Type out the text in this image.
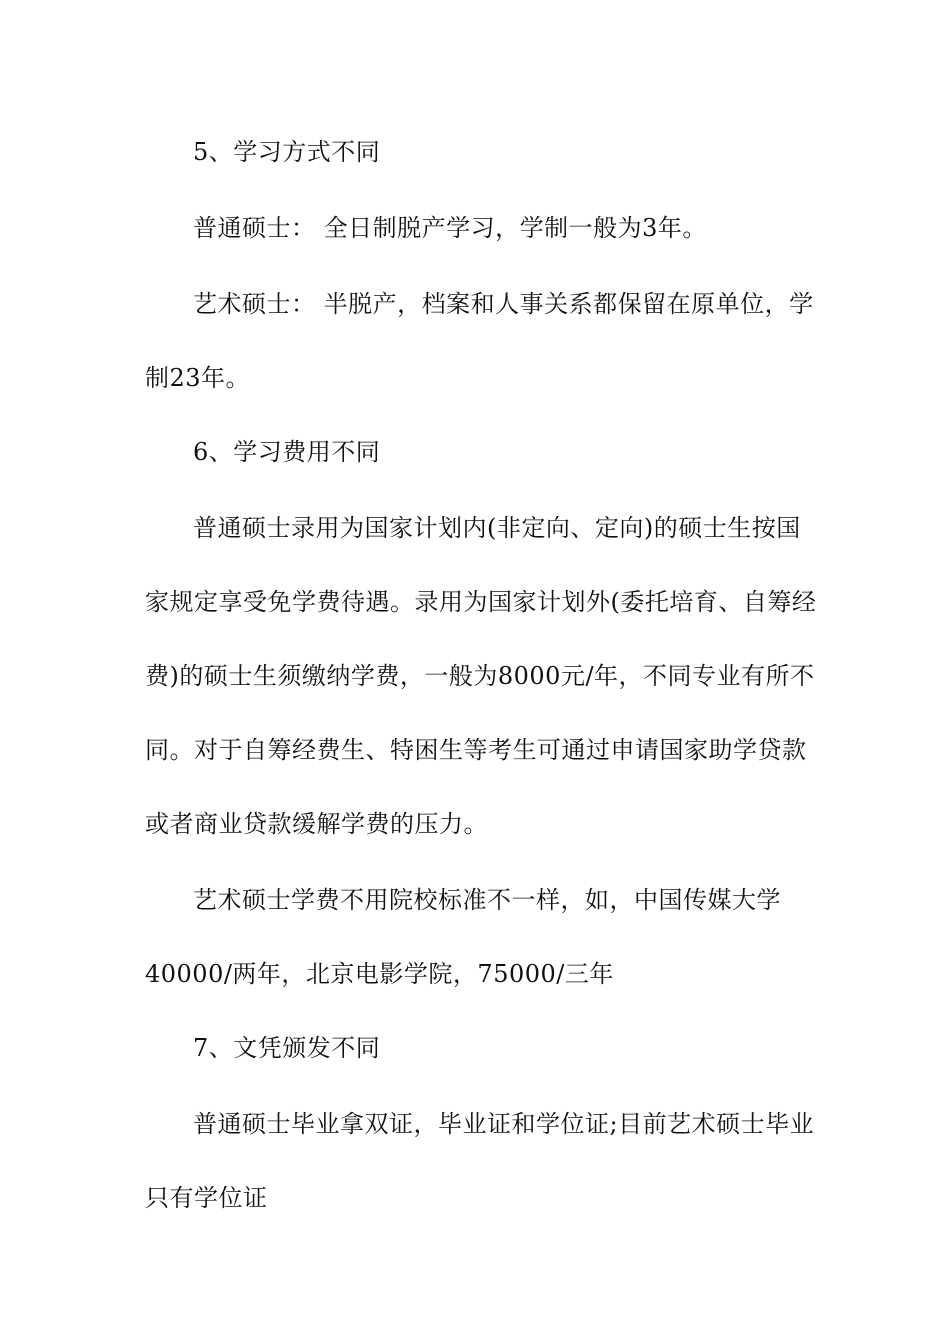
5、学习方式不同
普通硕士： 全日制脱产学习，学制一般为3年。
艺术硕士： 半脱产，档案和人事关系都保留在原单位，学
制23年。
6、学习费用不同
普通硕士录用为国家计划内(非定向、定向)的硕士生按国
家规定享受免学费待遇。录用为国家计划外(委托培育、自筹经
费)的硕士生须缴纳学费，一般为8000元/年，不同专业有所不
同。对于自筹经费生、特困生等考生可通过申请国家助学贷款
或者商业贷款缓解学费的压力。
艺术硕士学费不用院校标准不一样，如，中国传媒大学
40000/两年，北京电影学院，75000/三年
7、文凭颁发不同
普通硕士毕业拿双证，毕业证和学位证;目前艺术硕士毕业
只有学位证
